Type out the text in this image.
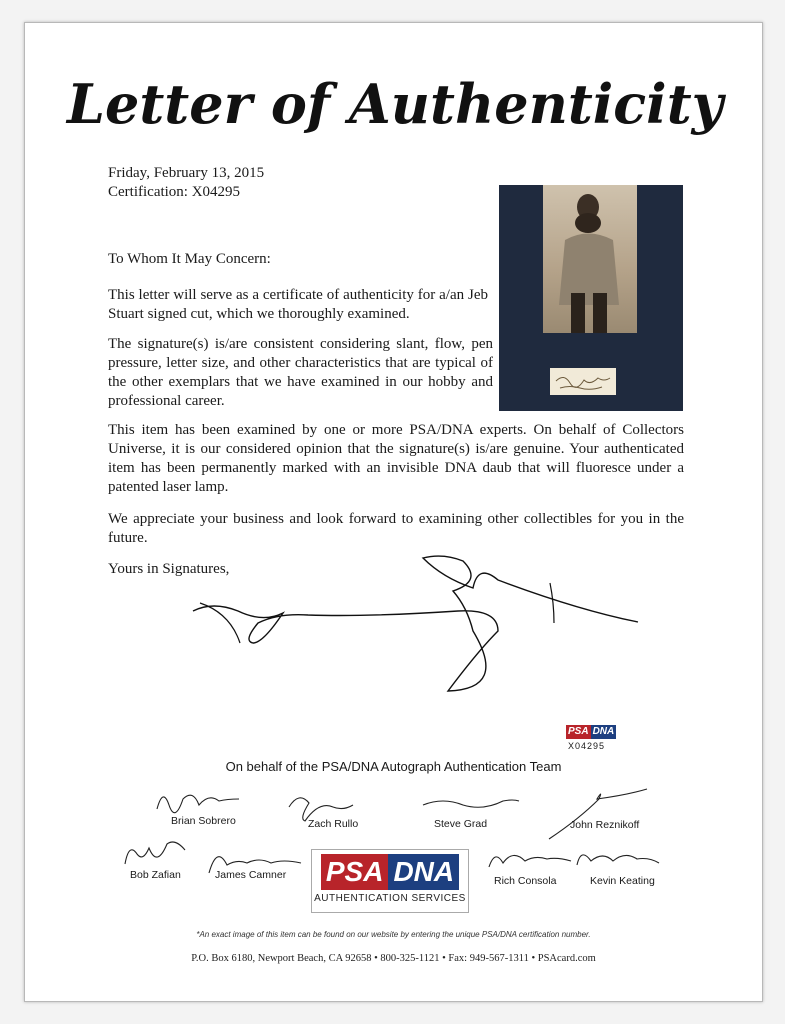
Letter of Authenticity
Friday, February 13, 2015
Certification: X04295
To Whom It May Concern:
This letter will serve as a certificate of authenticity for a/an Jeb Stuart signed cut, which we thoroughly examined.
The signature(s) is/are consistent considering slant, flow, pen pressure, letter size, and other characteristics that are typical of the other exemplars that we have examined in our hobby and professional career.
This item has been examined by one or more PSA/DNA experts. On behalf of Collectors Universe, it is our considered opinion that the signature(s) is/are genuine. Your authenticated item has been permanently marked with an invisible DNA daub that will fluoresce under a patented laser lamp.
We appreciate your business and look forward to examining other collectibles for you in the future.
Yours in Signatures,
PSA DNA
X04295
On behalf of the PSA/DNA Autograph Authentication Team
Brian Sobrero	Zach Rullo	Steve Grad	John Reznikoff
Bob Zafian	James Camner	Rich Consola	Kevin Keating
PSA DNA
AUTHENTICATION SERVICES
*An exact image of this item can be found on our website by entering the unique PSA/DNA certification number.
P.O. Box 6180, Newport Beach, CA 92658 • 800-325-1121 • Fax: 949-567-1311 • PSAcard.com
